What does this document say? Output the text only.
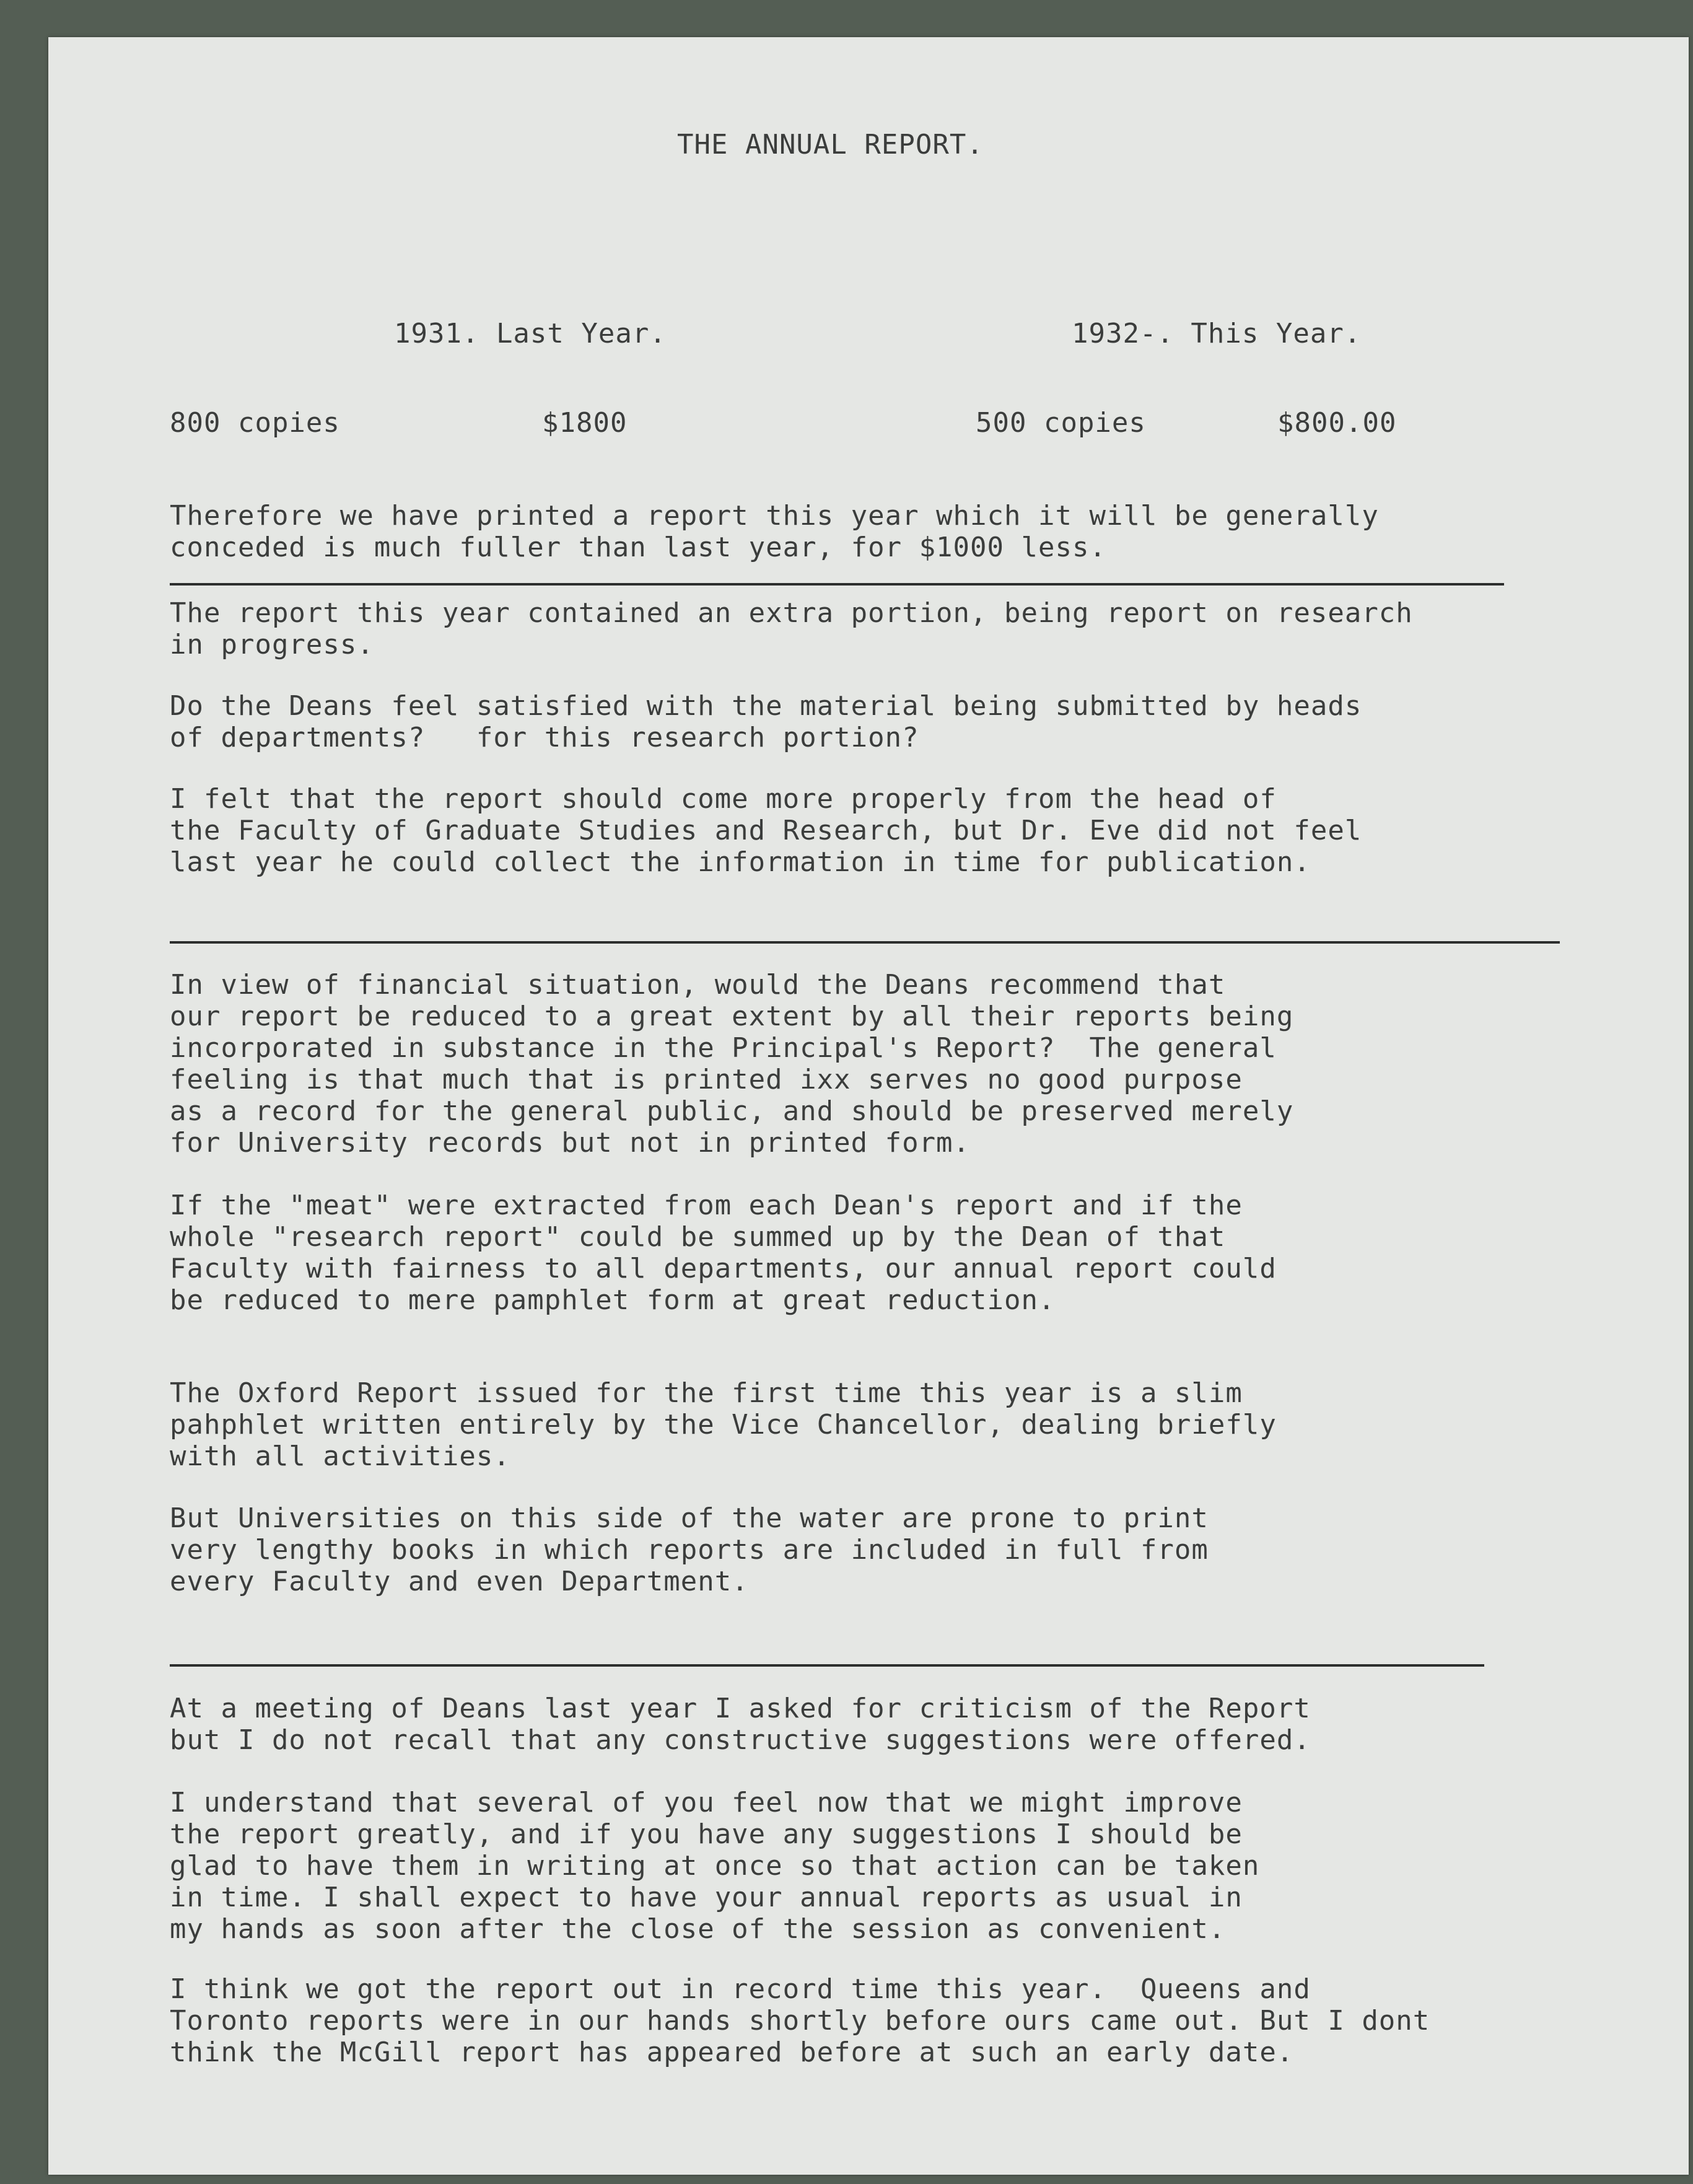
THE ANNUAL REPORT.

1931. Last Year.	1932-. This Year.

800 copies	$1800	500 copies	$800.00

Therefore we have printed a report this year which it will be generally
conceded is much fuller than last year, for $1000 less.

The report this year contained an extra portion, being report on research
in progress.

Do the Deans feel satisfied with the material being submitted by heads
of departments?   for this research portion?

I felt that the report should come more properly from the head of
the Faculty of Graduate Studies and Research, but Dr. Eve did not feel
last year he could collect the information in time for publication.

In view of financial situation, would the Deans recommend that
our report be reduced to a great extent by all their reports being
incorporated in substance in the Principal's Report?  The general
feeling is that much that is printed ixx serves no good purpose
as a record for the general public, and should be preserved merely
for University records but not in printed form.

If the "meat" were extracted from each Dean's report and if the
whole "research report" could be summed up by the Dean of that
Faculty with fairness to all departments, our annual report could
be reduced to mere pamphlet form at great reduction.

The Oxford Report issued for the first time this year is a slim
pahphlet written entirely by the Vice Chancellor, dealing briefly
with all activities.

But Universities on this side of the water are prone to print
very lengthy books in which reports are included in full from
every Faculty and even Department.

At a meeting of Deans last year I asked for criticism of the Report
but I do not recall that any constructive suggestions were offered.

I understand that several of you feel now that we might improve
the report greatly, and if you have any suggestions I should be
glad to have them in writing at once so that action can be taken
in time. I shall expect to have your annual reports as usual in
my hands as soon after the close of the session as convenient.

I think we got the report out in record time this year.  Queens and
Toronto reports were in our hands shortly before ours came out. But I dont
think the McGill report has appeared before at such an early date.
